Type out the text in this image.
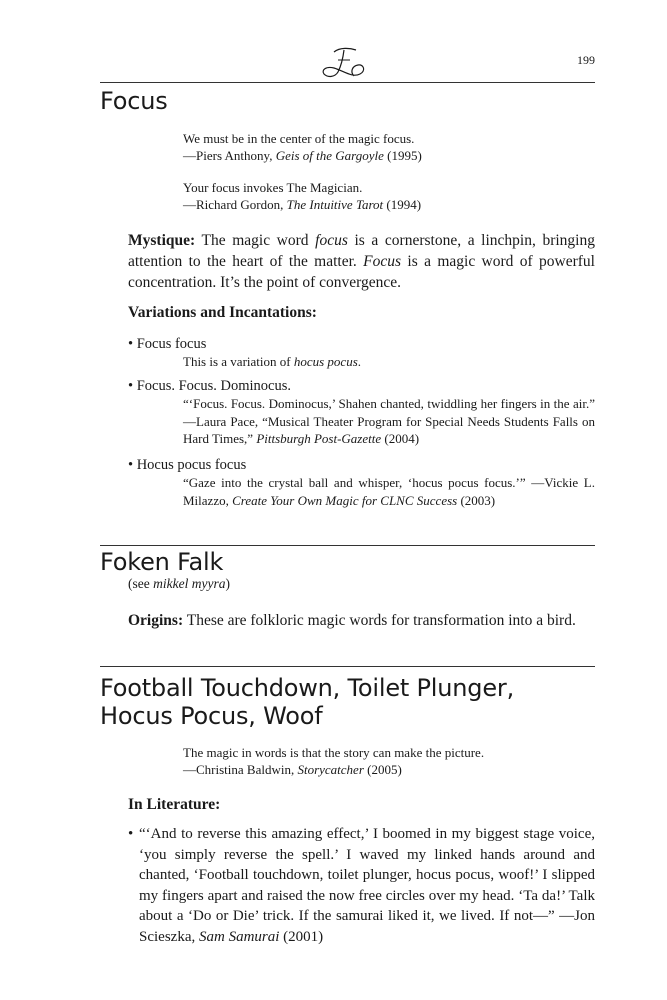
199
Focus
We must be in the center of the magic focus.
—Piers Anthony, Geis of the Gargoyle (1995)
Your focus invokes The Magician.
—Richard Gordon, The Intuitive Tarot (1994)
Mystique: The magic word focus is a cornerstone, a linchpin, bringing attention to the heart of the matter. Focus is a magic word of powerful concentration. It’s the point of convergence.
Variations and Incantations:
• Focus focus
This is a variation of hocus pocus.
• Focus. Focus. Dominocus.
“‘Focus. Focus. Dominocus,’ Shahen chanted, twiddling her fingers in the air.” —Laura Pace, “Musical Theater Program for Special Needs Students Falls on Hard Times,” Pittsburgh Post-Gazette (2004)
• Hocus pocus focus
“Gaze into the crystal ball and whisper, ‘hocus pocus focus.’” —Vickie L. Milazzo, Create Your Own Magic for CLNC Success (2003)
Foken Falk
(see mikkel myyra)
Origins: These are folkloric magic words for transformation into a bird.
Football Touchdown, Toilet Plunger,
Hocus Pocus, Woof
The magic in words is that the story can make the picture.
—Christina Baldwin, Storycatcher (2005)
In Literature:
• “‘And to reverse this amazing effect,’ I boomed in my biggest stage voice, ‘you simply reverse the spell.’ I waved my linked hands around and chanted, ‘Football touchdown, toilet plunger, hocus pocus, woof!’ I slipped my fingers apart and raised the now free circles over my head. ‘Ta da!’ Talk about a ‘Do or Die’ trick. If the samurai liked it, we lived. If not—” —Jon Scieszka, Sam Samurai (2001)
